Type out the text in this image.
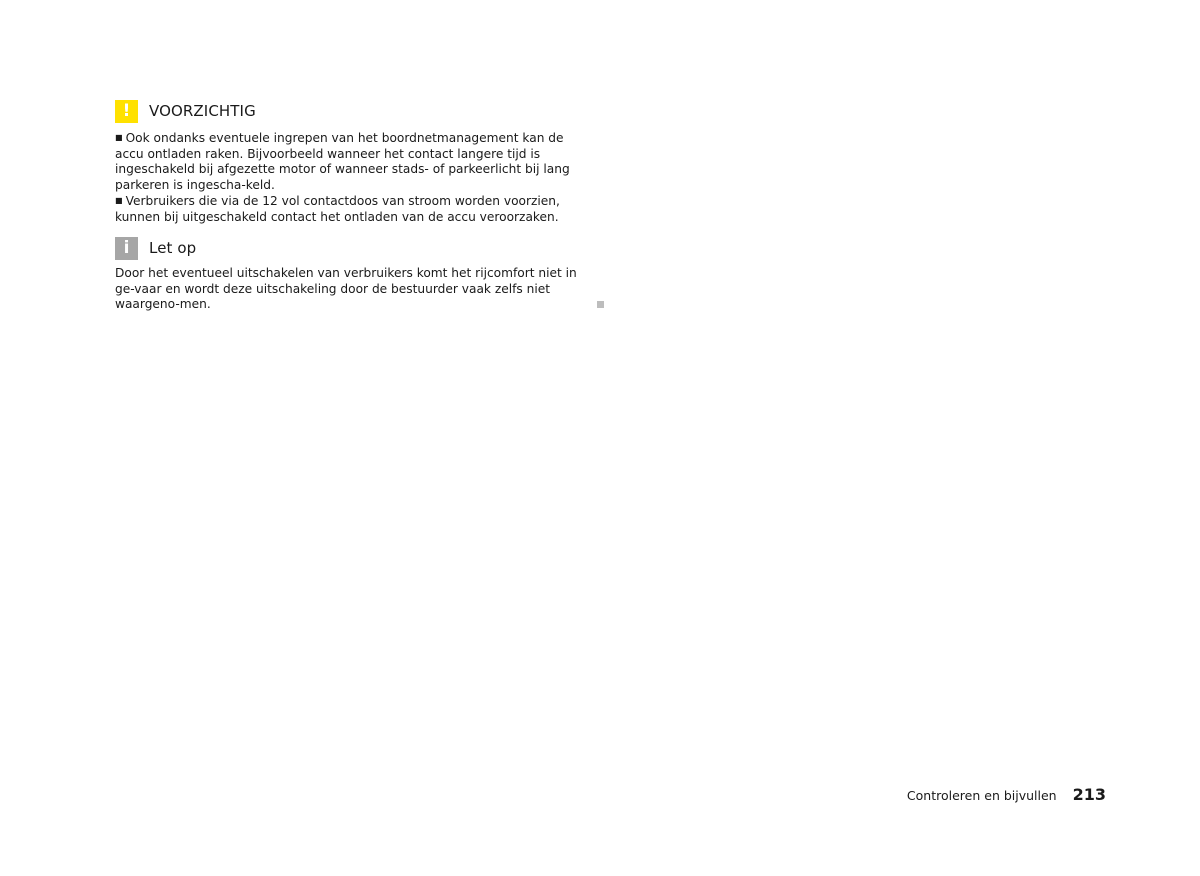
!	VOORZICHTIG

■ Ook ondanks eventuele ingrepen van het boordnetmanagement kan de accu ontladen raken. Bijvoorbeeld wanneer het contact langere tijd is ingeschakeld bij afgezette motor of wanneer stads- of parkeerlicht bij lang parkeren is ingescha-keld.

■ Verbruikers die via de 12 vol contactdoos van stroom worden voorzien, kunnen bij uitgeschakeld contact het ontladen van de accu veroorzaken.

i	Let op
Door het eventueel uitschakelen van verbruikers komt het rijcomfort niet in ge-vaar en wordt deze uitschakeling door de bestuurder vaak zelfs niet waargeno-men.
Controleren en bijvullen 213
